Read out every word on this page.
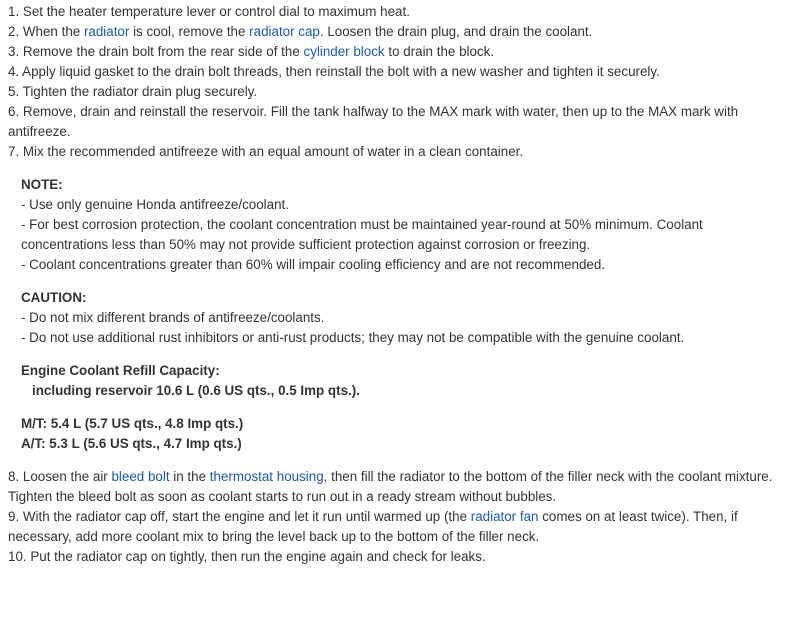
1. Set the heater temperature lever or control dial to maximum heat.
2. When the radiator is cool, remove the radiator cap. Loosen the drain plug, and drain the coolant.
3. Remove the drain bolt from the rear side of the cylinder block to drain the block.
4. Apply liquid gasket to the drain bolt threads, then reinstall the bolt with a new washer and tighten it securely.
5. Tighten the radiator drain plug securely.
6. Remove, drain and reinstall the reservoir. Fill the tank halfway to the MAX mark with water, then up to the MAX mark with antifreeze.
7. Mix the recommended antifreeze with an equal amount of water in a clean container.
NOTE:
- Use only genuine Honda antifreeze/coolant.
- For best corrosion protection, the coolant concentration must be maintained year-round at 50% minimum. Coolant concentrations less than 50% may not provide sufficient protection against corrosion or freezing.
- Coolant concentrations greater than 60% will impair cooling efficiency and are not recommended.
CAUTION:
- Do not mix different brands of antifreeze/coolants.
- Do not use additional rust inhibitors or anti-rust products; they may not be compatible with the genuine coolant.
Engine Coolant Refill Capacity:
including reservoir 10.6 L (0.6 US qts., 0.5 Imp qts.).
M/T: 5.4 L (5.7 US qts., 4.8 Imp qts.)
A/T: 5.3 L (5.6 US qts., 4.7 Imp qts.)
8. Loosen the air bleed bolt in the thermostat housing, then fill the radiator to the bottom of the filler neck with the coolant mixture. Tighten the bleed bolt as soon as coolant starts to run out in a ready stream without bubbles.
9. With the radiator cap off, start the engine and let it run until warmed up (the radiator fan comes on at least twice). Then, if necessary, add more coolant mix to bring the level back up to the bottom of the filler neck.
10. Put the radiator cap on tightly, then run the engine again and check for leaks.
